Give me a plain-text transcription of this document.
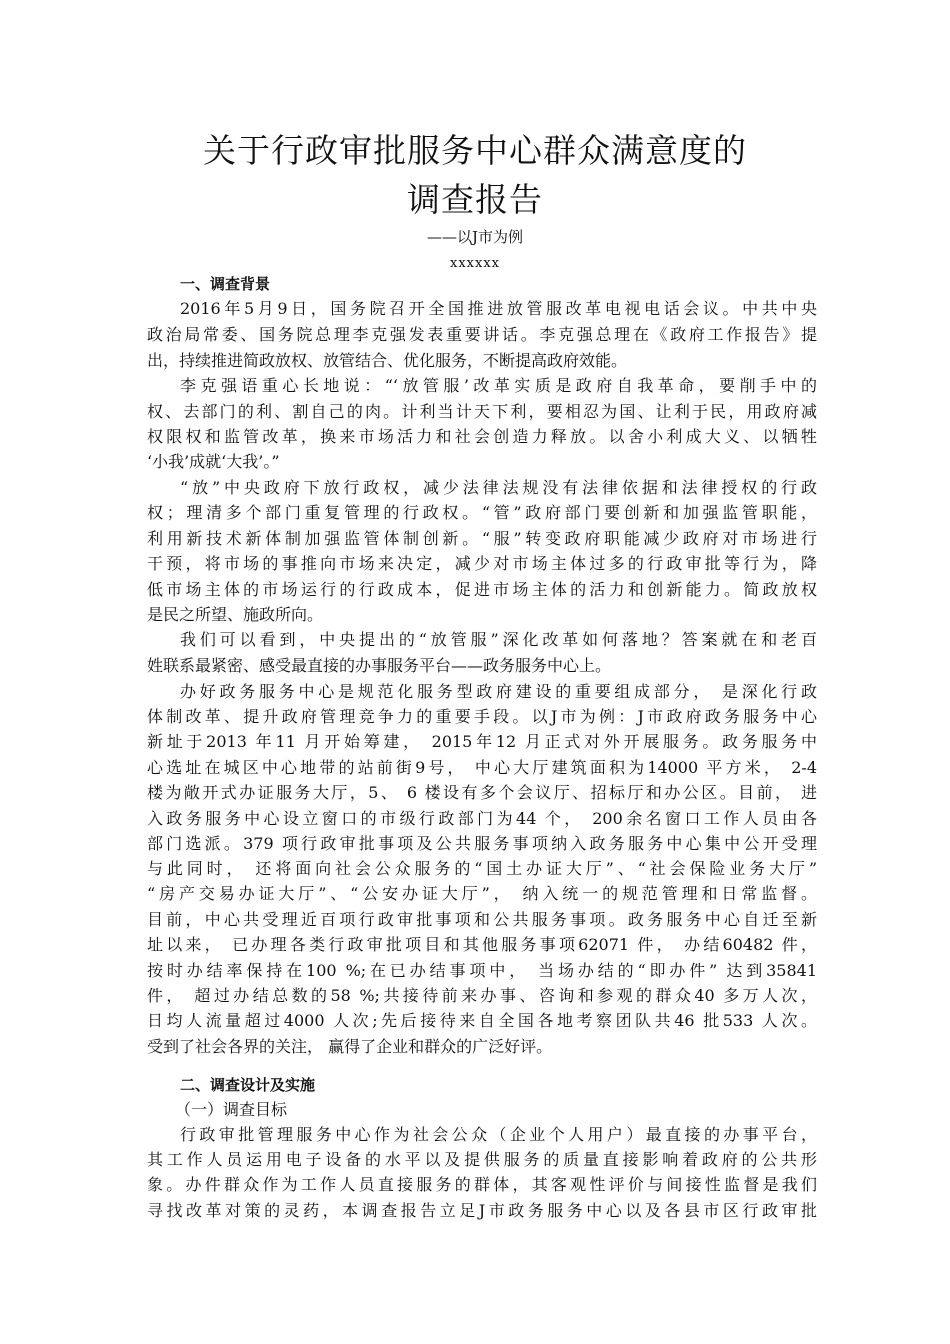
关于行政审批服务中心群众满意度的
调查报告
——以J市为例
xxxxxx
一、调查背景
2016年5月9日，国务院召开全国推进放管服改革电视电话会议。中共中央
政治局常委、国务院总理李克强发表重要讲话。李克强总理在《政府工作报告》提
出，持续推进简政放权、放管结合、优化服务，不断提高政府效能。
李克强语重心长地说：“‘放管服’改革实质是政府自我革命，要削手中的
权、去部门的利、割自己的肉。计利当计天下利，要相忍为国、让利于民，用政府减
权限权和监管改革，换来市场活力和社会创造力释放。以舍小利成大义、以牺牲
‘小我’成就‘大我’。”
“放”中央政府下放行政权，减少法律法规没有法律依据和法律授权的行政
权；理清多个部门重复管理的行政权。“管”政府部门要创新和加强监管职能，
利用新技术新体制加强监管体制创新。“服”转变政府职能减少政府对市场进行
干预，将市场的事推向市场来决定，减少对市场主体过多的行政审批等行为，降
低市场主体的市场运行的行政成本，促进市场主体的活力和创新能力。简政放权
是民之所望、施政所向。
我们可以看到，中央提出的“放管服”深化改革如何落地？答案就在和老百
姓联系最紧密、感受最直接的办事服务平台——政务服务中心上。
办好政务服务中心是规范化服务型政府建设的重要组成部分， 是深化行政
体制改革、提升政府管理竞争力的重要手段。以J市为例：J市政府政务服务中心
新址于2013 年11 月开始筹建， 2015年12 月正式对外开展服务。政务服务中
心选址在城区中心地带的站前街9号， 中心大厅建筑面积为14000 平方米， 2-4
楼为敞开式办证服务大厅，5、 6 楼设有多个会议厅、招标厅和办公区。目前， 进
入政务服务中心设立窗口的市级行政部门为44 个， 200余名窗口工作人员由各
部门选派。379 项行政审批事项及公共服务事项纳入政务服务中心集中公开受理
与此同时， 还将面向社会公众服务的“国土办证大厅”、“社会保险业务大厅”
“房产交易办证大厅”、“公安办证大厅”， 纳入统一的规范管理和日常监督。
目前，中心共受理近百项行政审批事项和公共服务事项。政务服务中心自迁至新
址以来， 已办理各类行政审批项目和其他服务事项62071 件， 办结60482 件，
按时办结率保持在100 %;在已办结事项中， 当场办结的“即办件” 达到35841
件， 超过办结总数的58 %;共接待前来办事、咨询和参观的群众40 多万人次，
日均人流量超过4000 人次;先后接待来自全国各地考察团队共46 批533 人次。
受到了社会各界的关注， 赢得了企业和群众的广泛好评。
二、调查设计及实施
（一）调查目标
行政审批管理服务中心作为社会公众（企业个人用户）最直接的办事平台，
其工作人员运用电子设备的水平以及提供服务的质量直接影响着政府的公共形
象。办件群众作为工作人员直接服务的群体，其客观性评价与间接性监督是我们
寻找改革对策的灵药，本调查报告立足J市政务服务中心以及各县市区行政审批
